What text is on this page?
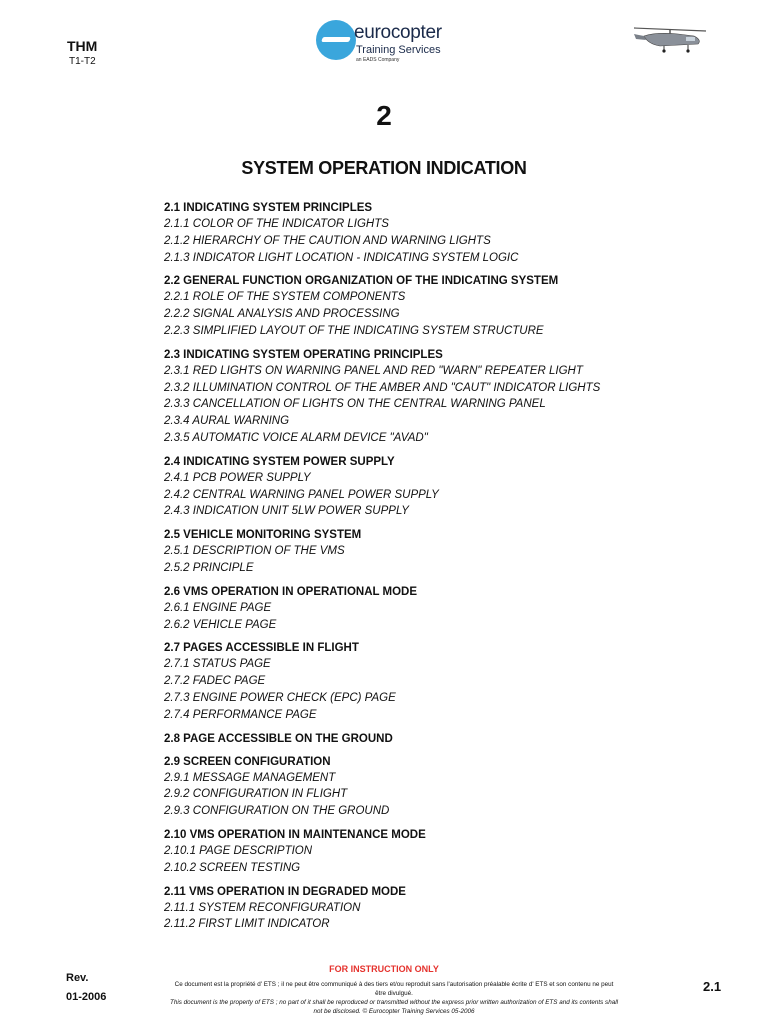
THM
T1-T2
eurocopter
Training Services
an EADS Company
2
SYSTEM OPERATION INDICATION
2.1 INDICATING SYSTEM PRINCIPLES
2.1.1 COLOR OF THE INDICATOR LIGHTS
2.1.2 HIERARCHY OF THE CAUTION AND WARNING LIGHTS
2.1.3 INDICATOR LIGHT LOCATION - INDICATING SYSTEM LOGIC
2.2 GENERAL FUNCTION ORGANIZATION OF THE INDICATING SYSTEM
2.2.1 ROLE OF THE SYSTEM COMPONENTS
2.2.2 SIGNAL ANALYSIS AND PROCESSING
2.2.3 SIMPLIFIED LAYOUT OF THE INDICATING SYSTEM STRUCTURE
2.3 INDICATING SYSTEM OPERATING PRINCIPLES
2.3.1 RED LIGHTS ON WARNING PANEL AND RED "WARN" REPEATER LIGHT
2.3.2 ILLUMINATION CONTROL OF THE AMBER AND "CAUT" INDICATOR LIGHTS
2.3.3 CANCELLATION OF LIGHTS ON THE CENTRAL WARNING PANEL
2.3.4 AURAL WARNING
2.3.5 AUTOMATIC VOICE ALARM DEVICE "AVAD"
2.4 INDICATING SYSTEM POWER SUPPLY
2.4.1 PCB POWER SUPPLY
2.4.2 CENTRAL WARNING PANEL POWER SUPPLY
2.4.3 INDICATION UNIT 5LW POWER SUPPLY
2.5 VEHICLE MONITORING SYSTEM
2.5.1 DESCRIPTION OF THE VMS
2.5.2 PRINCIPLE
2.6 VMS OPERATION IN OPERATIONAL MODE
2.6.1 ENGINE PAGE
2.6.2 VEHICLE PAGE
2.7 PAGES ACCESSIBLE IN FLIGHT
2.7.1 STATUS PAGE
2.7.2 FADEC PAGE
2.7.3 ENGINE POWER CHECK (EPC) PAGE
2.7.4 PERFORMANCE PAGE
2.8 PAGE ACCESSIBLE ON THE GROUND
2.9 SCREEN CONFIGURATION
2.9.1 MESSAGE MANAGEMENT
2.9.2 CONFIGURATION IN FLIGHT
2.9.3 CONFIGURATION ON THE GROUND
2.10 VMS OPERATION IN MAINTENANCE MODE
2.10.1 PAGE DESCRIPTION
2.10.2 SCREEN TESTING
2.11 VMS OPERATION IN DEGRADED MODE
2.11.1 SYSTEM RECONFIGURATION
2.11.2 FIRST LIMIT INDICATOR
Rev.
01-2006
FOR INSTRUCTION ONLY
Ce document est la propriété d' ETS ; il ne peut être communiqué à des tiers et/ou reproduit sans l'autorisation préalable écrite d' ETS et son contenu ne peut être divulgué.
This document is the property of ETS ; no part of it shall be reproduced or transmitted without the express prior written authorization of ETS and its contents shall not be disclosed. © Eurocopter Training Services 05-2006
2.1
